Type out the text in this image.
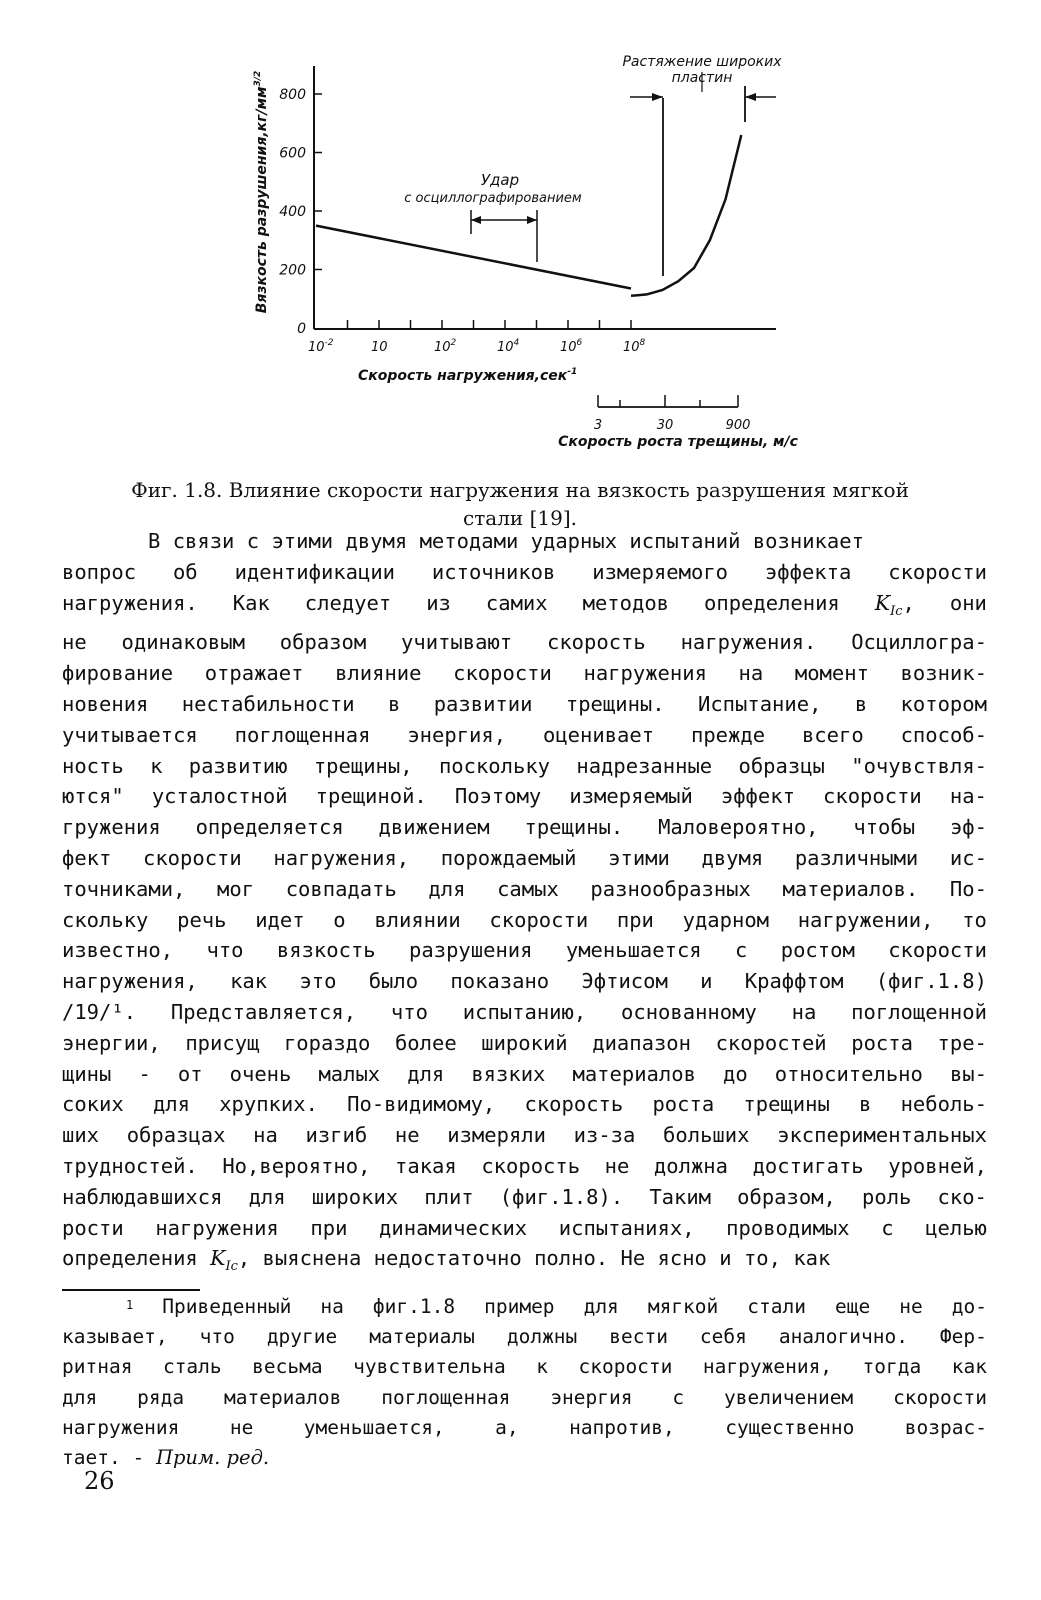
Вязкость $разрушения,кг/мм^{3/2}$
800
600
400
200
0
$10^{-2}$	10	$10^2$	$10^4$	$10^6$	$10^8$
Скорость нагружения,сек$^{-1}$
Удар
с осциллографированием
Растяжение широких
пластин
3	30	900
Скорость роста трещины, м/с
Фиг. 1.8. Влияние скорости нагружения на вязкость разрушения мягкой
стали [19].
В связи с этими двумя методами ударных испытаний возникает
вопрос об идентификации источников измеряемого эффекта скорости
нагружения. Как следует из самих методов определения $K_{Ic}$, они
не одинаковым образом учитывают скорость нагружения. Осциллогра-
фирование отражает влияние скорости нагружения на момент возник-
новения нестабильности в развитии трещины. Испытание, в котором
учитывается поглощенная энергия, оценивает прежде всего способ-
ность к развитию трещины, поскольку надрезанные образцы "очувствля-
ются" усталостной трещиной. Поэтому измеряемый эффект скорости на-
гружения определяется движением трещины. Маловероятно, чтобы эф-
фект скорости нагружения, порождаемый этими двумя различными ис-
точниками, мог совпадать для самых разнообразных материалов. По-
скольку речь идет о влиянии скорости при ударном нагружении, то
известно, что вязкость разрушения уменьшается с ростом скорости
нагружения, как это было показано Эфтисом и Краффтом (фиг.1.8)
/19/¹. Представляется, что испытанию, основанному на поглощенной
энергии, присущ гораздо более широкий диапазон скоростей роста тре-
щины - от очень малых для вязких материалов до относительно вы-
соких для хрупких. По-видимому, скорость роста трещины в неболь-
ших образцах на изгиб не измеряли из-за больших экспериментальных
трудностей. Но,вероятно, такая скорость не должна достигать уровней,
наблюдавшихся для широких плит (фиг.1.8). Таким образом, роль ско-
рости нагружения при динамических испытаниях, проводимых с целью
определения $K_{Ic}$, выяснена недостаточно полно. Не ясно и то, как
1 Приведенный на фиг.1.8 пример для мягкой стали еще не до-
казывает, что другие материалы должны вести себя аналогично. Фер-
ритная сталь весьма чувствительна к скорости нагружения, тогда как
для ряда материалов поглощенная энергия с увеличением скорости
нагружения	не	уменьшается,	а,	напротив,	существенно	возрас-
тает. - Прим. ред.
26
